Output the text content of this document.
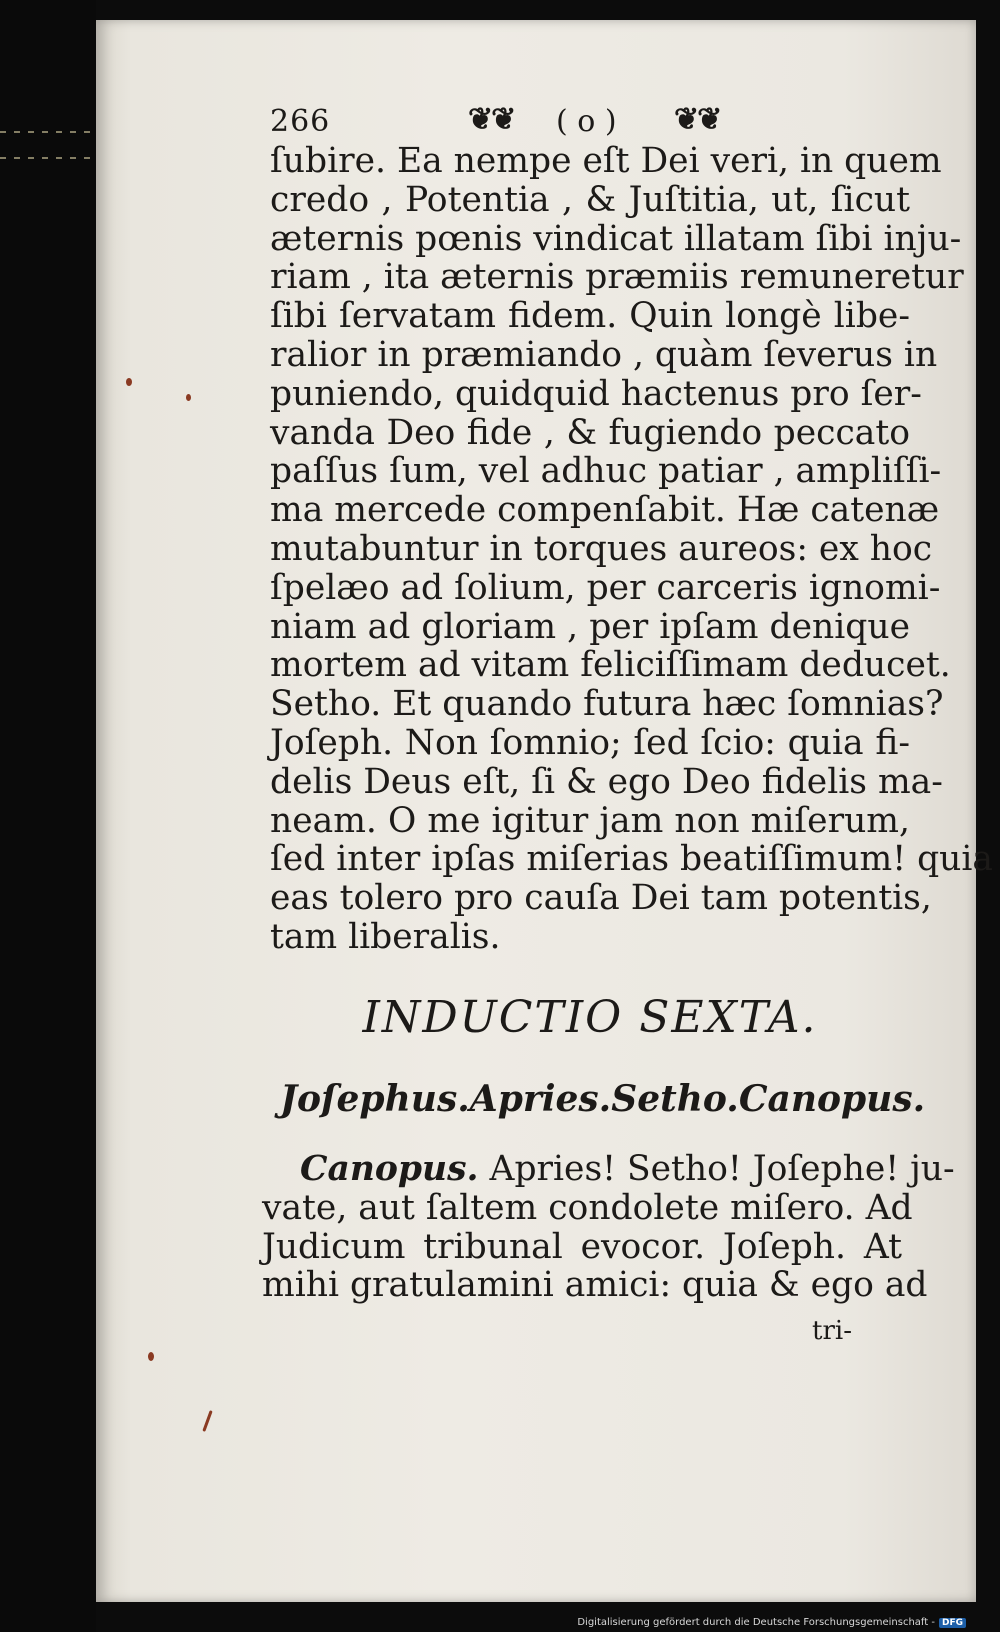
266	❦❦ ( o ) ❦❦
ſubire. Ea nempe eſt Dei veri, in quem
credo , Potentia , & Juſtitia, ut, ſicut
æternis pœnis vindicat illatam ſibi inju-
riam , ita æternis præmiis remuneretur
ſibi ſervatam fidem. Quin longè libe-
ralior in præmiando , quàm ſeverus in
puniendo, quidquid hactenus pro ſer-
vanda Deo fide , & fugiendo peccato
paſſus ſum, vel adhuc patiar , ampliſſi-
ma mercede compenſabit. Hæ catenæ
mutabuntur in torques aureos: ex hoc
ſpelæo ad ſolium, per carceris ignomi-
niam ad gloriam , per ipſam denique
mortem ad vitam feliciſſimam deducet.
Setho. Et quando futura hæc ſomnias?
Joſeph. Non ſomnio; ſed ſcio: quia fi-
delis Deus eſt, ſi & ego Deo fidelis ma-
neam. O me igitur jam non miſerum,
ſed inter ipſas miſerias beatiſſimum! quia
eas tolero pro cauſa Dei tam potentis,
tam liberalis.
INDUCTIO SEXTA.
Joſephus. Apries. Setho. Canopus.
Canopus. Apries! Setho! Joſephe! ju-
vate, aut ſaltem condolete miſero. Ad
Judicum tribunal evocor. Joſeph. At
mihi gratulamini amici: quia & ego ad
tri-
Digitalisierung gefördert durch die Deutsche Forschungsgemeinschaft - DFG
